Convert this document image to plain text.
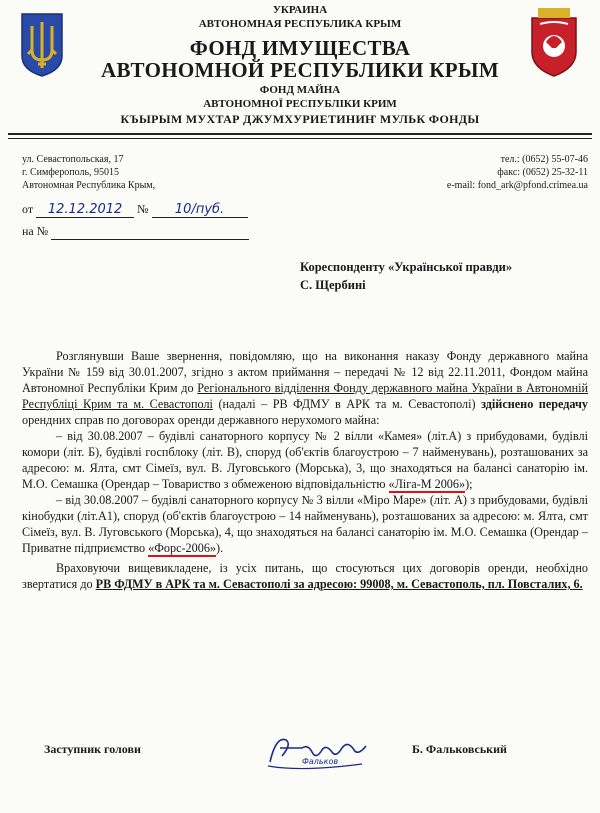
УКРАИНА
АВТОНОМНАЯ РЕСПУБЛИКА КРЫМ
ФОНД ИМУЩЕСТВА
АВТОНОМНОЙ РЕСПУБЛИКИ КРЫМ
ФОНД МАЙНА
АВТОНОМНОЇ РЕСПУБЛІКИ КРИМ
КЪЫРЫМ МУХТАР ДЖУМХУРИЕТИНИҤ МУЛЬК ФОНДЫ
ул. Севастопольская, 17
г. Симферополь, 95015
Автономная Республика Крым,
тел.: (0652) 55-07-46
факс: (0652) 25-32-11
e-mail: fond_ark@pfond.crimea.ua
от 12.12.2012 № 10/пуб.
на №
Кореспонденту «Української правди»
С. Щербині
Розглянувши Ваше звернення, повідомляю, що на виконання наказу Фонду державного майна України № 159 від 30.01.2007, згідно з актом приймання – передачі № 12 від 22.11.2011, Фондом майна Автономної Республіки Крим до Регіонального відділення Фонду державного майна України в Автономній Республіці Крим та м. Севастополі (надалі – РВ ФДМУ в АРК та м. Севастополі) здійснено передачу орендних справ по договорах оренди державного нерухомого майна:
– від 30.08.2007 – будівлі санаторного корпусу № 2 вілли «Камея» (літ.А) з прибудовами, будівлі комори (літ. Б), будівлі госпблоку (літ. В), споруд (об'єктів благоустрою – 7 найменувань), розташованих за адресою: м. Ялта, смт Сімеїз, вул. В. Луговського (Морська), 3, що знаходяться на балансі санаторію ім. М.О. Семашка (Орендар – Товариство з обмеженою відповідальністю «Ліга-М 2006»);
– від 30.08.2007 – будівлі санаторного корпусу № 3 вілли «Міро Маре» (літ. А) з прибудовами, будівлі кінобудки (літ.А1), споруд (об'єктів благоустрою – 14 найменувань), розташованих за адресою: м. Ялта, смт Сімеїз, вул. В. Луговського (Морська), 4, що знаходяться на балансі санаторію ім. М.О. Семашка (Орендар – Приватне підприємство «Форс-2006»).
Враховуючи вищевикладене, із усіх питань, що стосуються цих договорів оренди, необхідно звертатися до РВ ФДМУ в АРК та м. Севастополі за адресою: 99008, м. Севастополь, пл. Повсталих, 6.
Заступник голови
Фальков
Б. Фальковський
